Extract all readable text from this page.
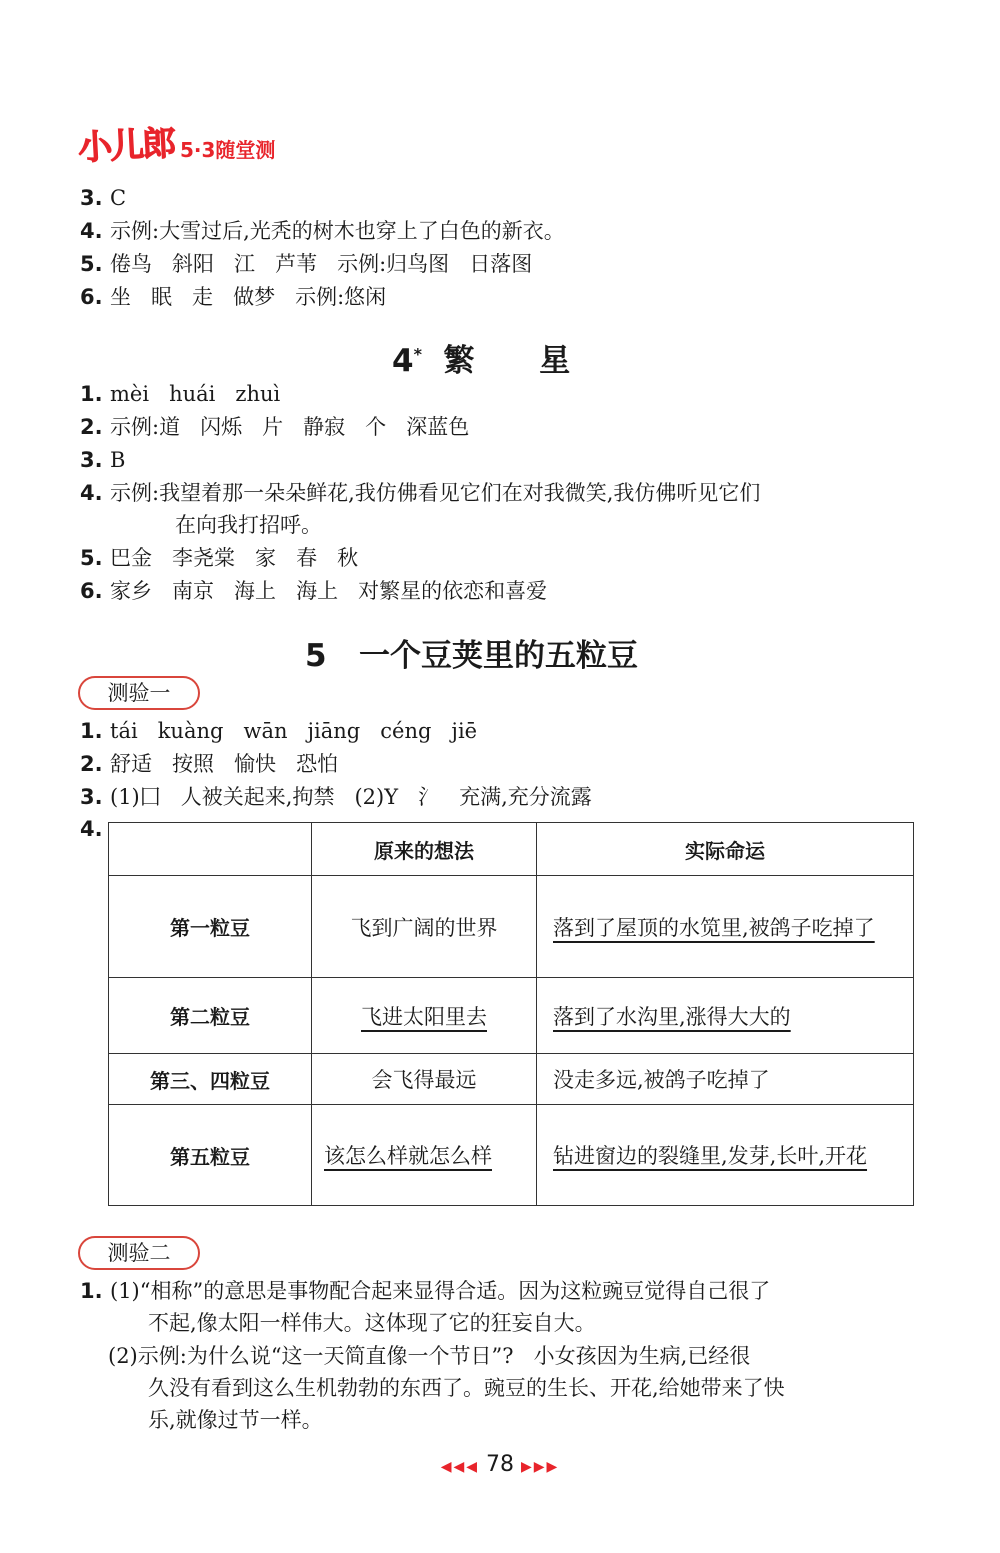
小儿郎 5·3随堂测
3. C
4. 示例:大雪过后,光秃的树木也穿上了白色的新衣。
5. 倦鸟   斜阳   江   芦苇   示例:归鸟图   日落图
6. 坐   眠   走   做梦   示例:悠闲
4* 繁      星
1. mèi   huái   zhuì
2. 示例:道   闪烁   片   静寂   个   深蓝色
3. B
4. 示例:我望着那一朵朵鲜花,我仿佛看见它们在对我微笑,我仿佛听见它们
在向我打招呼。
5. 巴金   李尧棠   家   春   秋
6. 家乡   南京   海上   海上   对繁星的依恋和喜爱
5 一个豆荚里的五粒豆
测验一
1. tái   kuàng   wān   jiāng   céng   jiē
2. 舒适   按照   愉快   恐怕
3. (1)囗   人被关起来,拘禁   (2)Y   氵   充满,充分流露
4.
	原来的想法	实际命运
第一粒豆	飞到广阔的世界	落到了屋顶的水笕里,被鸽子吃掉了
第二粒豆	飞进太阳里去	落到了水沟里,涨得大大的
第三、四粒豆	会飞得最远	没走多远,被鸽子吃掉了
第五粒豆	该怎么样就怎么样	钻进窗边的裂缝里,发芽,长叶,开花
测验二
1. (1)“相称”的意思是事物配合起来显得合适。因为这粒豌豆觉得自己很了
不起,像太阳一样伟大。这体现了它的狂妄自大。
(2)示例:为什么说“这一天简直像一个节日”?   小女孩因为生病,已经很
久没有看到这么生机勃勃的东西了。豌豆的生长、开花,给她带来了快
乐,就像过节一样。
◀◀◀ 78 ▶▶▶
